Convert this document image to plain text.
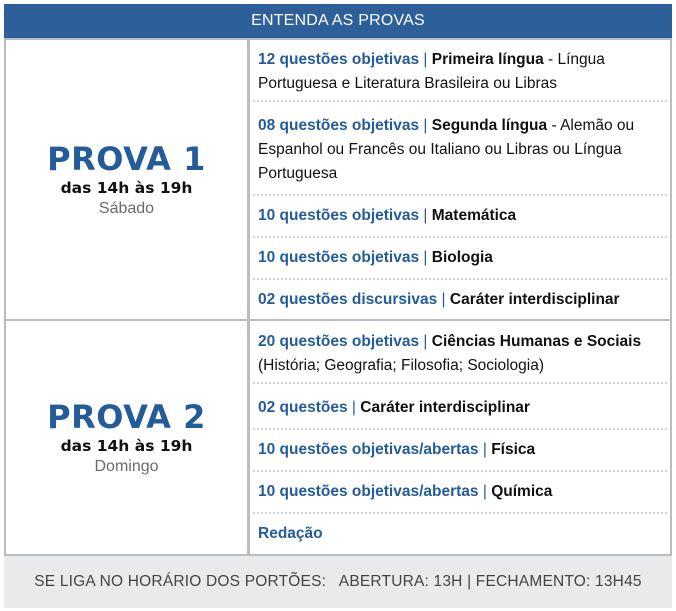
ENTENDA AS PROVAS
PROVA 1
das 14h às 19h
Sábado
12 questões objetivas | Primeira língua - Língua Portuguesa e Literatura Brasileira ou Libras
08 questões objetivas | Segunda língua - Alemão ou Espanhol ou Francês ou Italiano ou Libras ou Língua Portuguesa
10 questões objetivas | Matemática
10 questões objetivas | Biologia
02 questões discursivas | Caráter interdisciplinar
PROVA 2
das 14h às 19h
Domingo
20 questões objetivas | Ciências Humanas e Sociais (História; Geografia; Filosofia; Sociologia)
02 questões | Caráter interdisciplinar
10 questões objetivas/abertas | Física
10 questões objetivas/abertas | Química
Redação
SE LIGA NO HORÁRIO DOS PORTÕES:   ABERTURA: 13H | FECHAMENTO: 13H45
